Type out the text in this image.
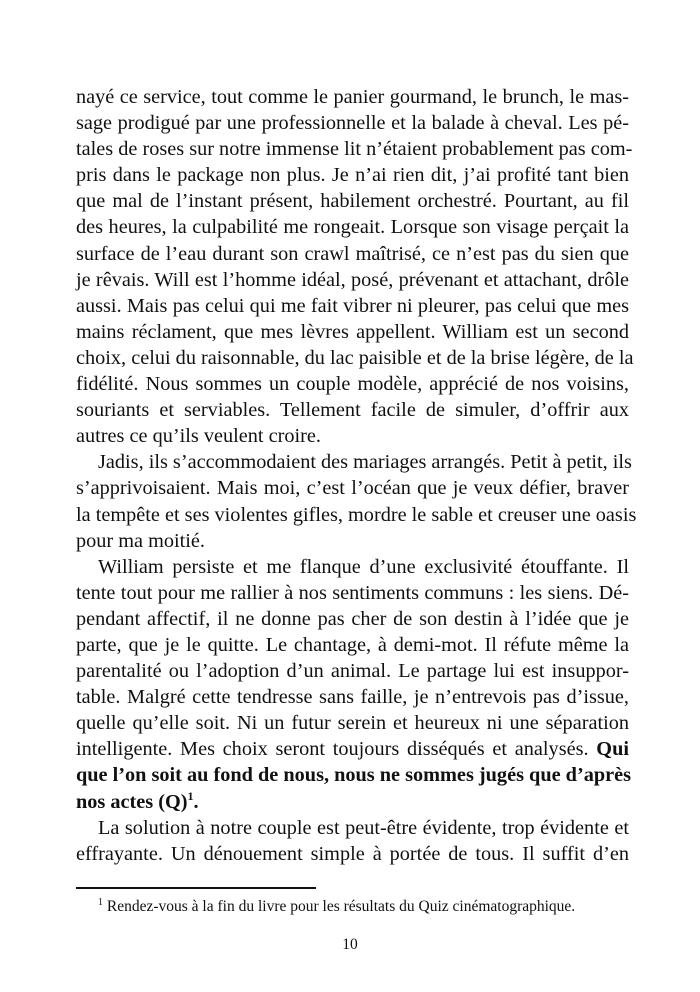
nayé ce service, tout comme le panier gourmand, le brunch, le mas-
sage prodigué par une professionnelle et la balade à cheval. Les pé-
tales de roses sur notre immense lit n’étaient probablement pas com-
pris dans le package non plus. Je n’ai rien dit, j’ai profité tant bien
que mal de l’instant présent, habilement orchestré. Pourtant, au fil
des heures, la culpabilité me rongeait. Lorsque son visage perçait la
surface de l’eau durant son crawl maîtrisé, ce n’est pas du sien que
je rêvais. Will est l’homme idéal, posé, prévenant et attachant, drôle
aussi. Mais pas celui qui me fait vibrer ni pleurer, pas celui que mes
mains réclament, que mes lèvres appellent. William est un second
choix, celui du raisonnable, du lac paisible et de la brise légère, de la
fidélité. Nous sommes un couple modèle, apprécié de nos voisins,
souriants et serviables. Tellement facile de simuler, d’offrir aux
autres ce qu’ils veulent croire.
Jadis, ils s’accommodaient des mariages arrangés. Petit à petit, ils
s’apprivoisaient. Mais moi, c’est l’océan que je veux défier, braver
la tempête et ses violentes gifles, mordre le sable et creuser une oasis
pour ma moitié.
William persiste et me flanque d’une exclusivité étouffante. Il
tente tout pour me rallier à nos sentiments communs : les siens. Dé-
pendant affectif, il ne donne pas cher de son destin à l’idée que je
parte, que je le quitte. Le chantage, à demi-mot. Il réfute même la
parentalité ou l’adoption d’un animal. Le partage lui est insuppor-
table. Malgré cette tendresse sans faille, je n’entrevois pas d’issue,
quelle qu’elle soit. Ni un futur serein et heureux ni une séparation
intelligente. Mes choix seront toujours disséqués et analysés. Qui
que l’on soit au fond de nous, nous ne sommes jugés que d’après
nos actes $(Q)^1$.
La solution à notre couple est peut-être évidente, trop évidente et
effrayante. Un dénouement simple à portée de tous. Il suffit d’en
$^1$ Rendez-vous à la fin du livre pour les résultats du Quiz cinématographique.
10
